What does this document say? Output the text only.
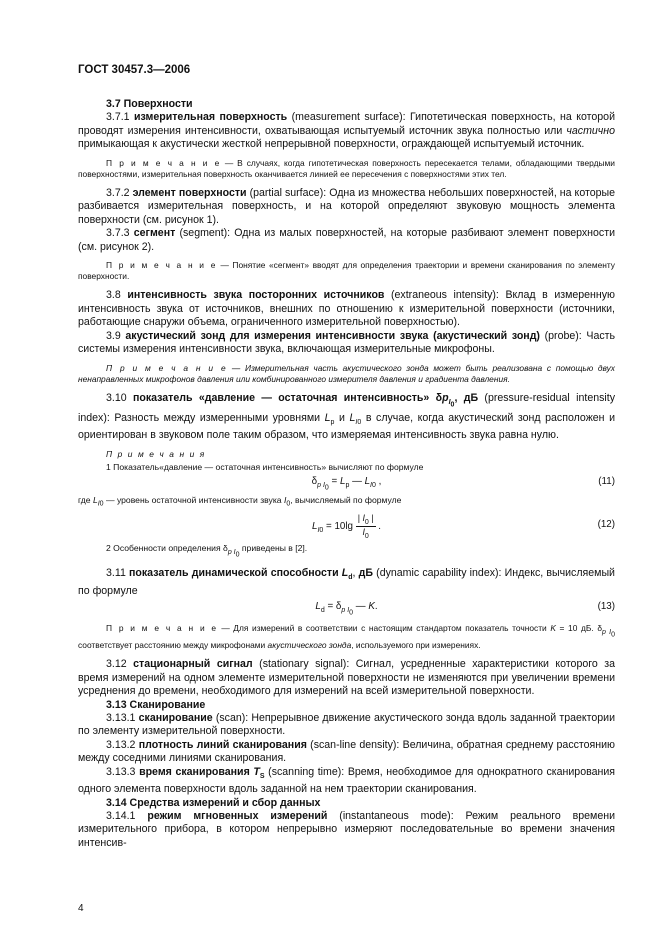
ГОСТ 30457.3—2006

3.7 Поверхности

3.7.1 измерительная поверхность (measurement surface): Гипотетическая поверхность, на которой проводят измерения интенсивности, охватывающая испытуемый источник звука полностью или частично примыкающая к акустически жесткой непрерывной поверхности, ограждающей испытуемый источник.

П р и м е ч а н и е — В случаях, когда гипотетическая поверхность пересекается телами, обладающими твердыми поверхностями, измерительная поверхность оканчивается линией ее пересечения с поверхностями этих тел.

3.7.2 элемент поверхности (partial surface): Одна из множества небольших поверхностей, на которые разбивается измерительная поверхность, и на которой определяют звуковую мощность элемента поверхности (см. рисунок 1).

3.7.3 сегмент (segment): Одна из малых поверхностей, на которые разбивают элемент поверхности (см. рисунок 2).

П р и м е ч а н и е — Понятие «сегмент» вводят для определения траектории и времени сканирования по элементу поверхности.

3.8 интенсивность звука посторонних источников (extraneous intensity): Вклад в измеренную интенсивность звука от источников, внешних по отношению к измерительной поверхности (источники, работающие снаружи объема, ограниченного измерительной поверхностью).

3.9 акустический зонд для измерения интенсивности звука (акустический зонд) (probe): Часть системы измерения интенсивности звука, включающая измерительные микрофоны.

П р и м е ч а н и е — Измерительная часть акустического зонда может быть реализована с помощью двух ненаправленных микрофонов давления или комбинированного измерителя давления и градиента давления.

3.10 показатель «давление — остаточная интенсивность» $\delta p_{I_0}$, дБ (pressure-residual intensity index): Разность между измеренными уровнями $L_p$ и $L_{I0}$ в случае, когда акустический зонд расположен и ориентирован в звуковом поле таким образом, что измеряемая интенсивность звука равна нулю.

П р и м е ч а н и я

1 Показатель«давление — остаточная интенсивность» вычисляют по формуле

$\delta_{p I_0} = L_p$ — $L_{I0}$ ,	(11)

где $L_{I0}$ — уровень остаточной интенсивности звука $I_0$, вычисляемый по формуле

$L_{I0} = 10\lg \frac{| I_0 |}{I_0}$ .	(12)

2 Особенности определения $\delta_{p I_0}$ приведены в [2].

3.11 показатель динамической способности $L_d$, дБ (dynamic capability index): Индекс, вычисляемый по формуле

$L_d = \delta_{p I_0}$ — K.	(13)

П р и м е ч а н и е — Для измерений в соответствии с настоящим стандартом показатель точности K = 10 дБ. $\delta_{p I_0}$ соответствует расстоянию между микрофонами акустического зонда, используемого при измерениях.

3.12 стационарный сигнал (stationary signal): Сигнал, усредненные характеристики которого за время измерений на одном элементе измерительной поверхности не изменяются при увеличении времени усреднения до времени, необходимого для измерений на всей измерительной поверхности.

3.13 Сканирование

3.13.1 сканирование (scan): Непрерывное движение акустического зонда вдоль заданной траектории по элементу измерительной поверхности.

3.13.2 плотность линий сканирования (scan-line density): Величина, обратная среднему расстоянию между соседними линиями сканирования.

3.13.3 время сканирования $T_S$ (scanning time): Время, необходимое для однократного сканирования одного элемента поверхности вдоль заданной на нем траектории сканирования.

3.14 Средства измерений и сбор данных

3.14.1 режим мгновенных измерений (instantaneous mode): Режим реального времени измерительного прибора, в котором непрерывно измеряют последовательные во времени значения интенсив-

4
